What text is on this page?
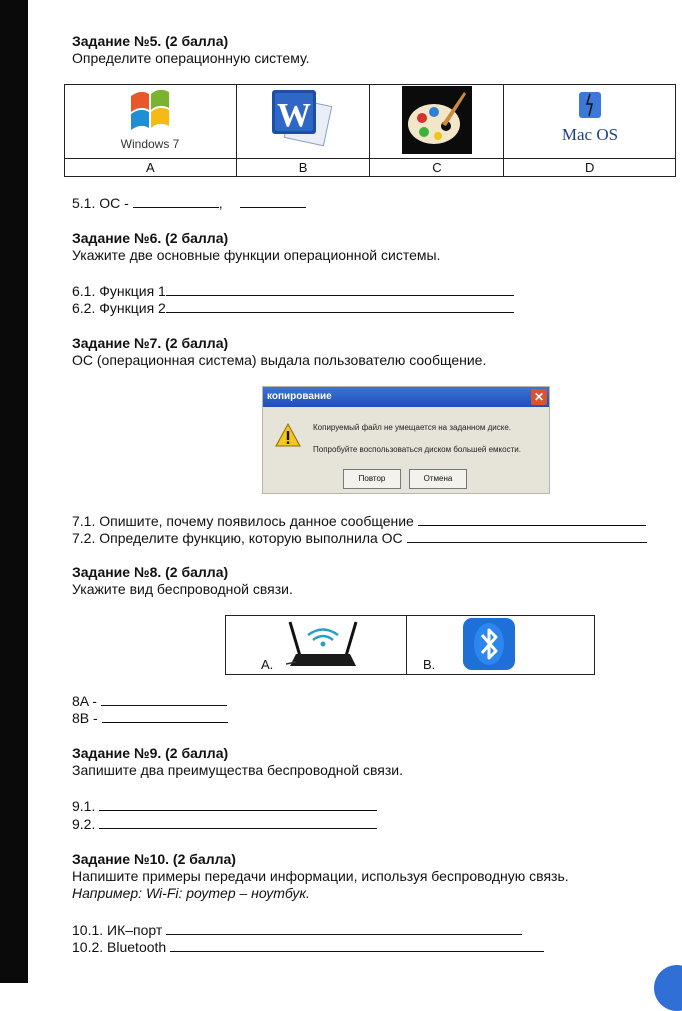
Задание №5. (2 балла)
Определите операционную систему.
Windows 7	W		Mac OS

A	B	C	D
5.1. ОС -	,
Задание №6. (2 балла)
Укажите две основные функции операционной системы.
6.1. Функция 1
6.2. Функция 2
Задание №7. (2 балла)
ОС (операционная система) выдала пользователю сообщение.
копирование	✕
Копируемый файл не умещается на заданном диске.
Попробуйте воспользоваться диском большей емкости.
Повтор	Отмена
7.1. Опишите, почему появилось данное сообщение
7.2. Определите функцию, которую выполнила ОС
Задание №8. (2 балла)
Укажите вид беспроводной связи.
A.	B.
8A -
8B -
Задание №9. (2 балла)
Запишите два преимущества беспроводной связи.
9.1.
9.2.
Задание №10. (2 балла)
Напишите примеры передачи информации, используя беспроводную связь.
Например: Wi-Fi: роутер – ноутбук.
10.1. ИК–порт
10.2. Bluetooth
